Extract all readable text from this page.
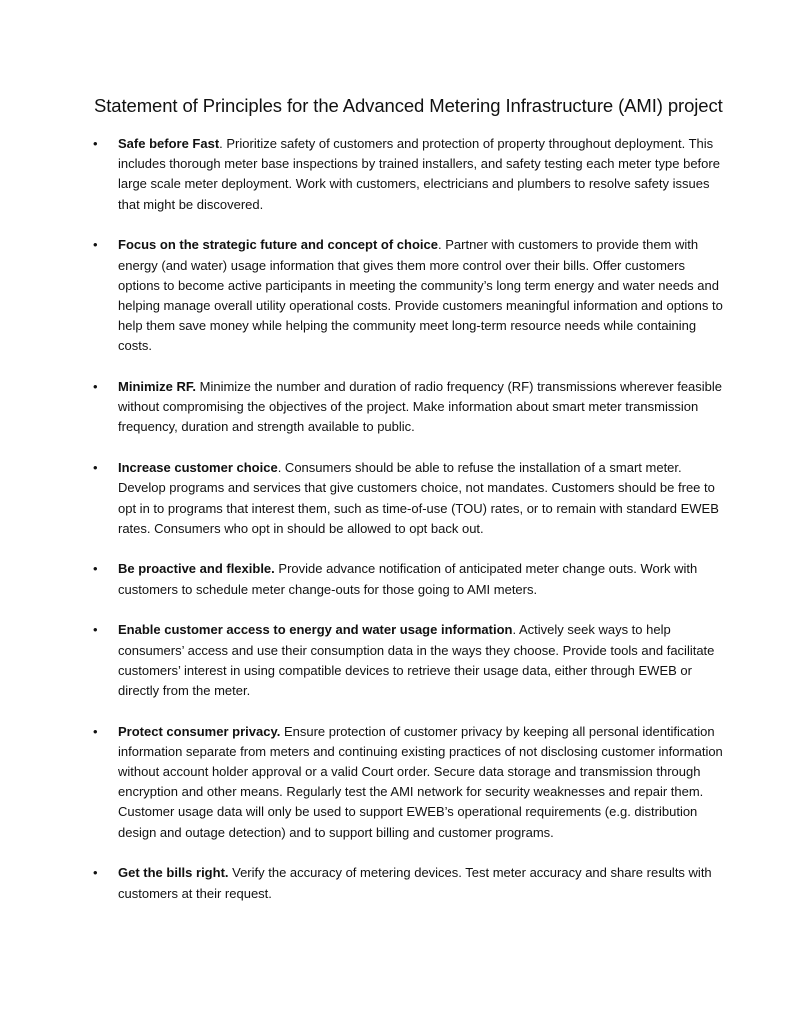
Statement of Principles for the Advanced Metering Infrastructure (AMI) project
• Safe before Fast. Prioritize safety of customers and protection of property throughout deployment. This includes thorough meter base inspections by trained installers, and safety testing each meter type before large scale meter deployment. Work with customers, electricians and plumbers to resolve safety issues that might be discovered.
• Focus on the strategic future and concept of choice. Partner with customers to provide them with energy (and water) usage information that gives them more control over their bills. Offer customers options to become active participants in meeting the community’s long term energy and water needs and helping manage overall utility operational costs. Provide customers meaningful information and options to help them save money while helping the community meet long-term resource needs while containing costs.
• Minimize RF. Minimize the number and duration of radio frequency (RF) transmissions wherever feasible without compromising the objectives of the project. Make information about smart meter transmission frequency, duration and strength available to public.
• Increase customer choice. Consumers should be able to refuse the installation of a smart meter. Develop programs and services that give customers choice, not mandates. Customers should be free to opt in to programs that interest them, such as time-of-use (TOU) rates, or to remain with standard EWEB rates. Consumers who opt in should be allowed to opt back out.
• Be proactive and flexible. Provide advance notification of anticipated meter change outs. Work with customers to schedule meter change-outs for those going to AMI meters.
• Enable customer access to energy and water usage information. Actively seek ways to help consumers’ access and use their consumption data in the ways they choose. Provide tools and facilitate customers’ interest in using compatible devices to retrieve their usage data, either through EWEB or directly from the meter.
• Protect consumer privacy. Ensure protection of customer privacy by keeping all personal identification information separate from meters and continuing existing practices of not disclosing customer information without account holder approval or a valid Court order. Secure data storage and transmission through encryption and other means. Regularly test the AMI network for security weaknesses and repair them. Customer usage data will only be used to support EWEB’s operational requirements (e.g. distribution design and outage detection) and to support billing and customer programs.
• Get the bills right. Verify the accuracy of metering devices. Test meter accuracy and share results with customers at their request.
